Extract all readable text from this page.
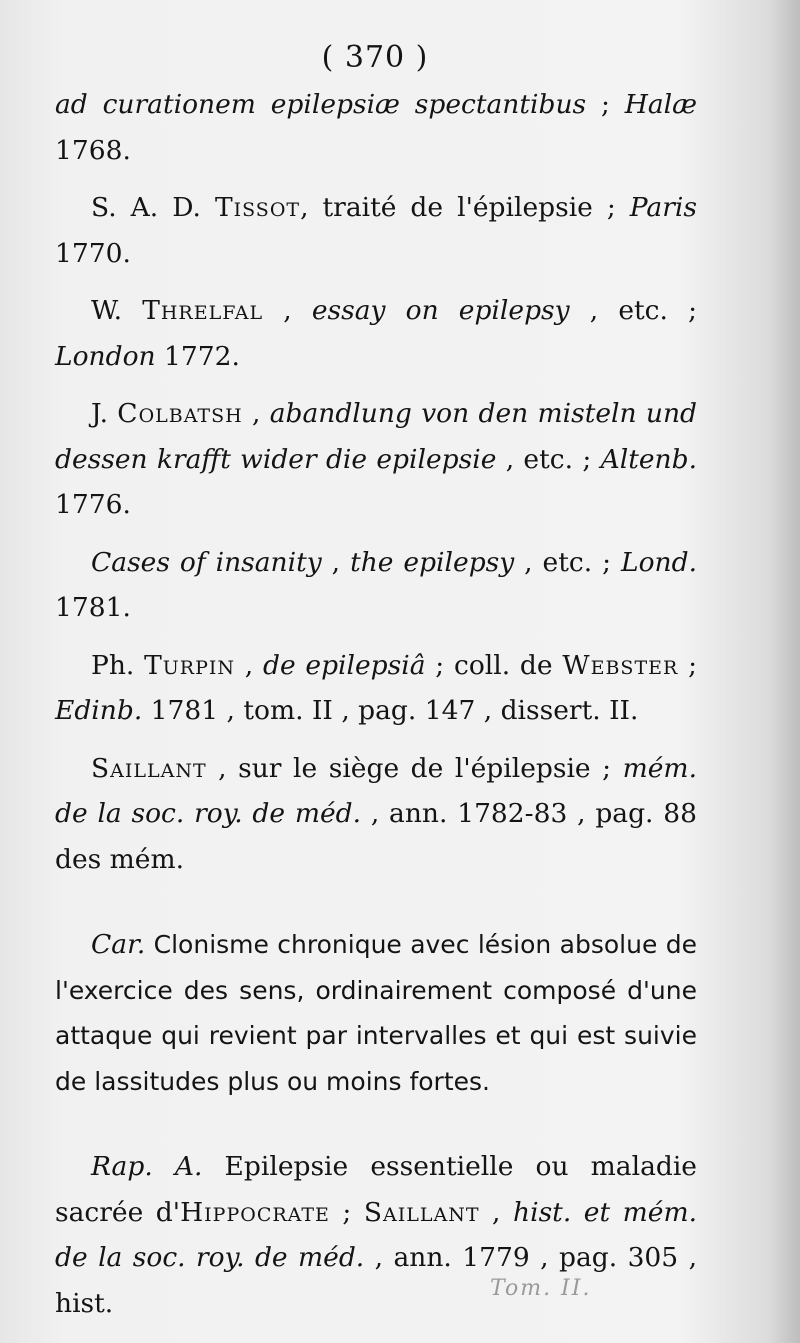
( 370 )

ad curationem epilepsiæ spectantibus ; Halæ 1768.

S. A. D. Tissot, traité de l'épilepsie ; Paris 1770.

W. Threlfal , essay on epilepsy , etc. ; London 1772.

J. Colbatsh , abandlung von den misteln und dessen krafft wider die epilepsie , etc. ; Altenb. 1776.

Cases of insanity , the epilepsy , etc. ; Lond. 1781.

Ph. Turpin , de epilepsiâ ; coll. de Webster ; Edinb. 1781 , tom. II , pag. 147 , dissert. II.

Saillant , sur le siège de l'épilepsie ; mém. de la soc. roy. de méd. , ann. 1782-83 , pag. 88 des mém.

Car. Clonisme chronique avec lésion absolue de l'exercice des sens, ordinairement composé d'une attaque qui revient par intervalles et qui est suivie de lassitudes plus ou moins fortes.

Rap. A. Epilepsie essentielle ou maladie sacrée d'Hippocrate ; Saillant , hist. et mém. de la soc. roy. de méd. , ann. 1779 , pag. 305 , hist.	Tom. II.
